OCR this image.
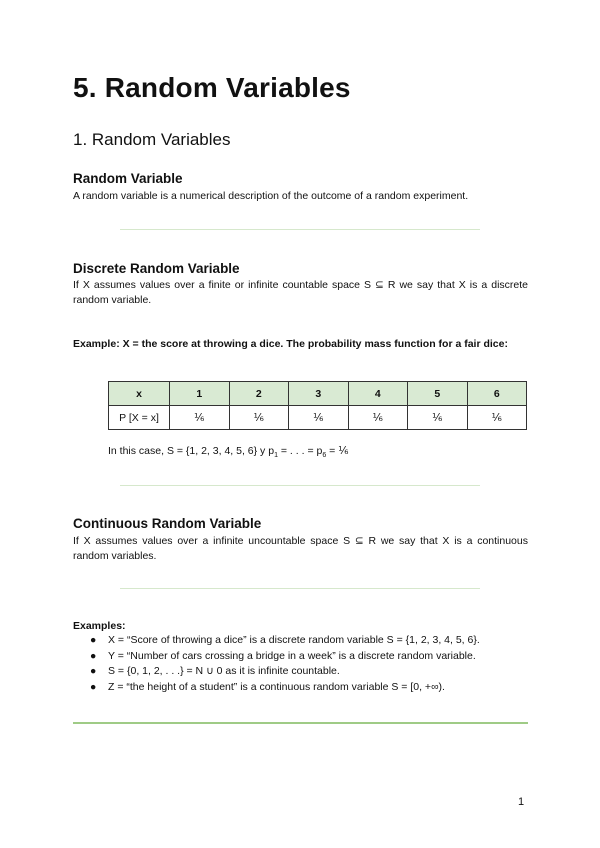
5. Random Variables
1. Random Variables
Random Variable

A random variable is a numerical description of the outcome of a random experiment.

Discrete Random Variable

If X assumes values over a finite or infinite countable space S ⊆ R we say that X is a discrete random variable.

Example: X = the score at throwing a dice. The probability mass function for a fair dice:

x	1	2	3	4	5	6
P [X = x]	⅙	⅙	⅙	⅙	⅙	⅙
In this case, S = {1, 2, 3, 4, 5, 6} y $p_1$ = . . . = $p_6$ = ⅙
Continuous Random Variable

If X assumes values over a infinite uncountable space S ⊆ R we say that X is a continuous random variables.

Examples:
● X = “Score of throwing a dice” is a discrete random variable S = {1, 2, 3, 4, 5, 6}.
● Y = “Number of cars crossing a bridge in a week” is a discrete random variable.
● S = {0, 1, 2, . . .} = N ∪ 0 as it is infinite countable.
● Z = “the height of a student” is a continuous random variable S = [0, +∞).
1
